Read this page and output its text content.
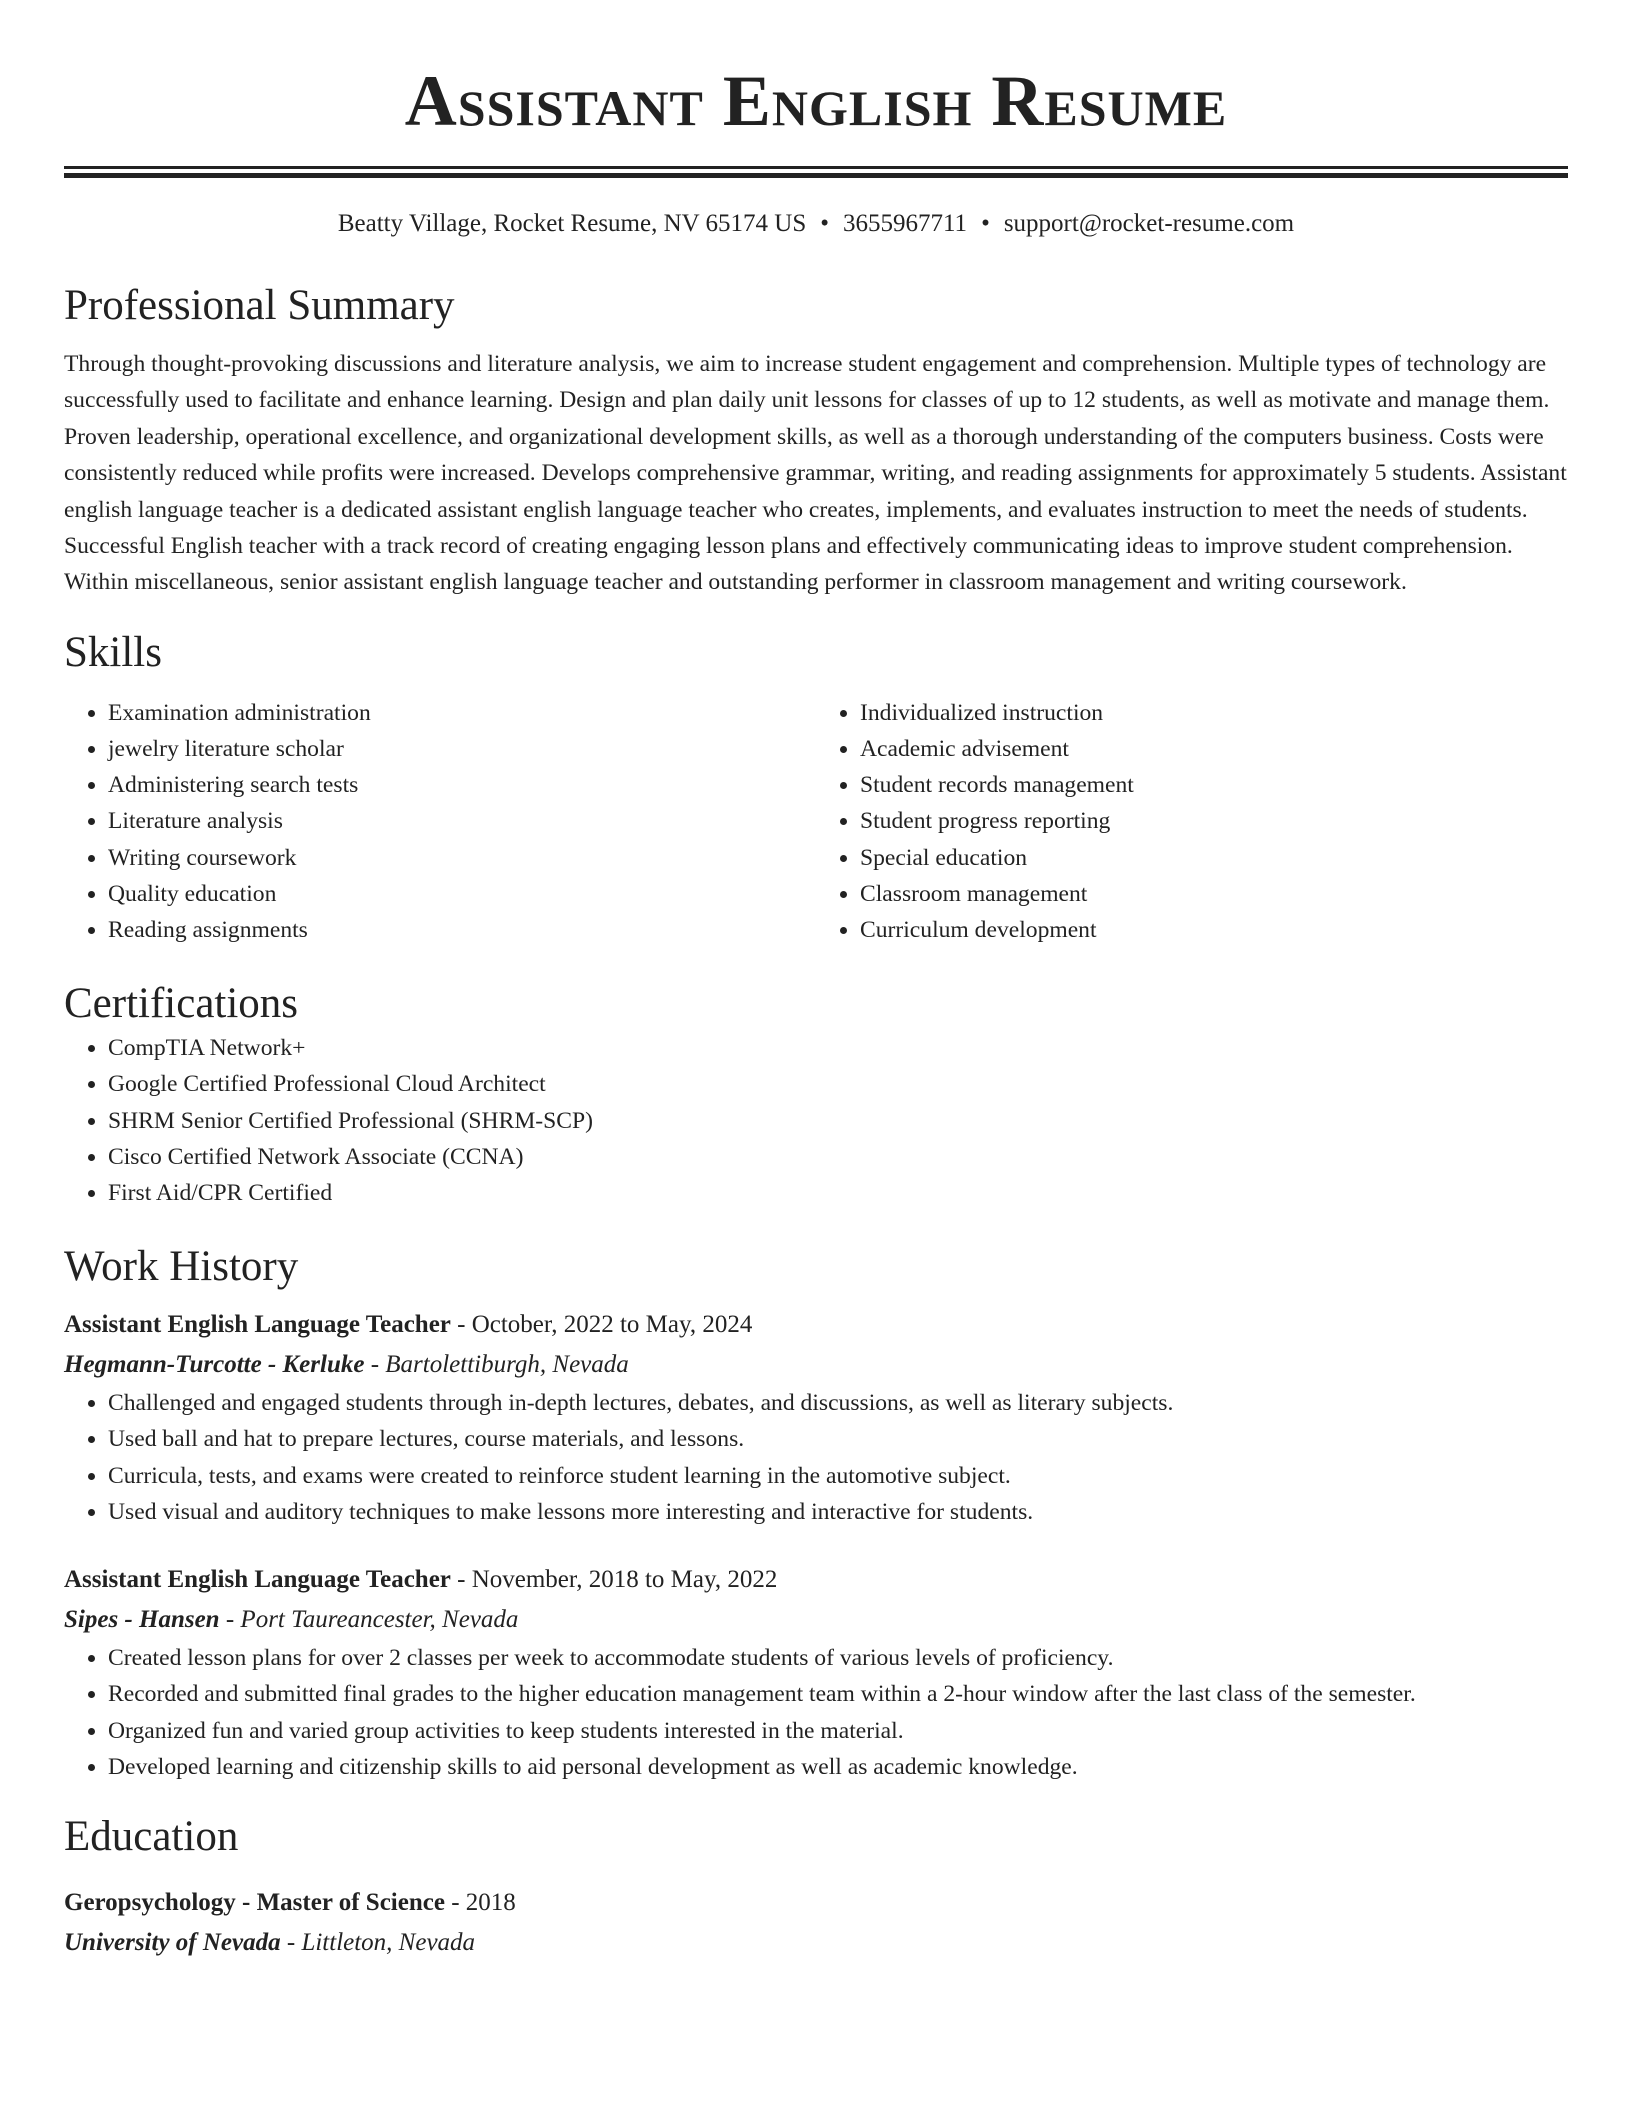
Assistant English Resume
Beatty Village, Rocket Resume, NV 65174 US • 3655967711 • support@rocket-resume.com
Professional Summary

Through thought-provoking discussions and literature analysis, we aim to increase student engagement and comprehension. Multiple types of technology are successfully used to facilitate and enhance learning. Design and plan daily unit lessons for classes of up to 12 students, as well as motivate and manage them. Proven leadership, operational excellence, and organizational development skills, as well as a thorough understanding of the computers business. Costs were consistently reduced while profits were increased. Develops comprehensive grammar, writing, and reading assignments for approximately 5 students. Assistant english language teacher is a dedicated assistant english language teacher who creates, implements, and evaluates instruction to meet the needs of students. Successful English teacher with a track record of creating engaging lesson plans and effectively communicating ideas to improve student comprehension. Within miscellaneous, senior assistant english language teacher and outstanding performer in classroom management and writing coursework.

Skills
• Examination administration
• jewelry literature scholar
• Administering search tests
• Literature analysis
• Writing coursework
• Quality education
• Reading assignments
• Individualized instruction
• Academic advisement
• Student records management
• Student progress reporting
• Special education
• Classroom management
• Curriculum development
Certifications
• CompTIA Network+
• Google Certified Professional Cloud Architect
• SHRM Senior Certified Professional (SHRM-SCP)
• Cisco Certified Network Associate (CCNA)
• First Aid/CPR Certified
Work History
Assistant English Language Teacher - October, 2022 to May, 2024
Hegmann-Turcotte - Kerluke - Bartolettiburgh, Nevada
• Challenged and engaged students through in-depth lectures, debates, and discussions, as well as literary subjects.
• Used ball and hat to prepare lectures, course materials, and lessons.
• Curricula, tests, and exams were created to reinforce student learning in the automotive subject.
• Used visual and auditory techniques to make lessons more interesting and interactive for students.
Assistant English Language Teacher - November, 2018 to May, 2022
Sipes - Hansen - Port Taureancester, Nevada
• Created lesson plans for over 2 classes per week to accommodate students of various levels of proficiency.
• Recorded and submitted final grades to the higher education management team within a 2-hour window after the last class of the semester.
• Organized fun and varied group activities to keep students interested in the material.
• Developed learning and citizenship skills to aid personal development as well as academic knowledge.
Education
Geropsychology - Master of Science - 2018
University of Nevada - Littleton, Nevada
